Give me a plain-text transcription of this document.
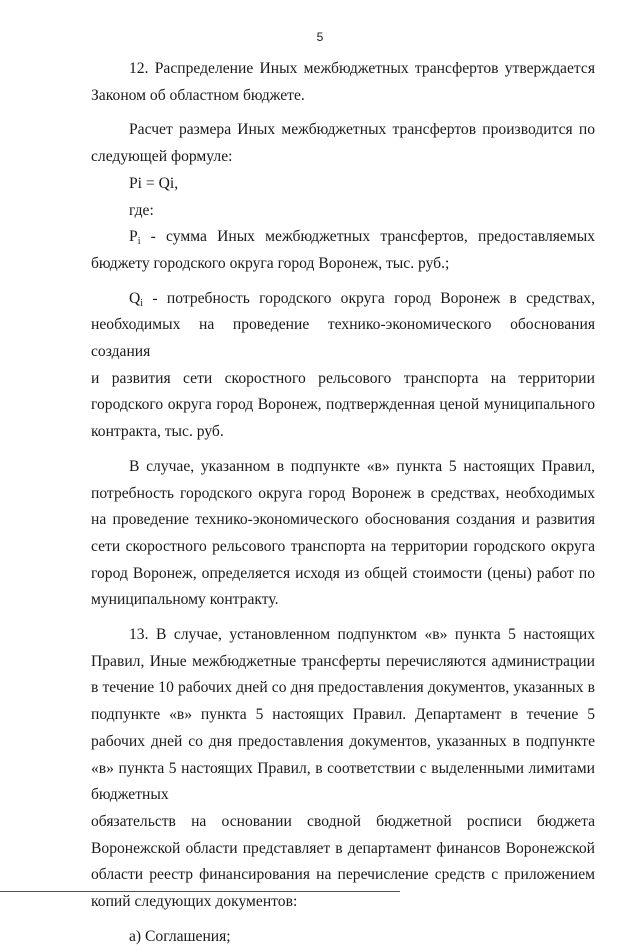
5

12. Распределение Иных межбюджетных трансфертов утверждается Законом об областном бюджете.

Расчет размера Иных межбюджетных трансфертов производится по следующей формуле:

Pi = Qi,

где:

$P_i$ - сумма Иных межбюджетных трансфертов, предоставляемых бюджету городского округа город Воронеж, тыс. руб.;

$Q_i$ - потребность городского округа город Воронеж в средствах,

необходимых на проведение технико-экономического обоснования создания

и развития сети скоростного рельсового транспорта на территории

городского округа город Воронеж, подтвержденная ценой муниципального контракта, тыс. руб.

В случае, указанном в подпункте «в» пункта 5 настоящих Правил, потребность городского округа город Воронеж в средствах, необходимых на проведение технико-экономического обоснования создания и развития сети скоростного рельсового транспорта на территории городского округа город Воронеж, определяется исходя из общей стоимости (цены) работ по муниципальному контракту.

13. В случае, установленном подпунктом «в» пункта 5 настоящих Правил, Иные межбюджетные трансферты перечисляются администрации в течение 10 рабочих дней со дня предоставления документов, указанных в подпункте «в» пункта 5 настоящих Правил. Департамент в течение 5 рабочих дней со дня предоставления документов, указанных в подпункте «в» пункта 5 настоящих Правил, в соответствии с выделенными лимитами бюджетных

обязательств на основании сводной бюджетной росписи бюджета

Воронежской области представляет в департамент финансов Воронежской области реестр финансирования на перечисление средств с приложением копий следующих документов:

а) Соглашения;
